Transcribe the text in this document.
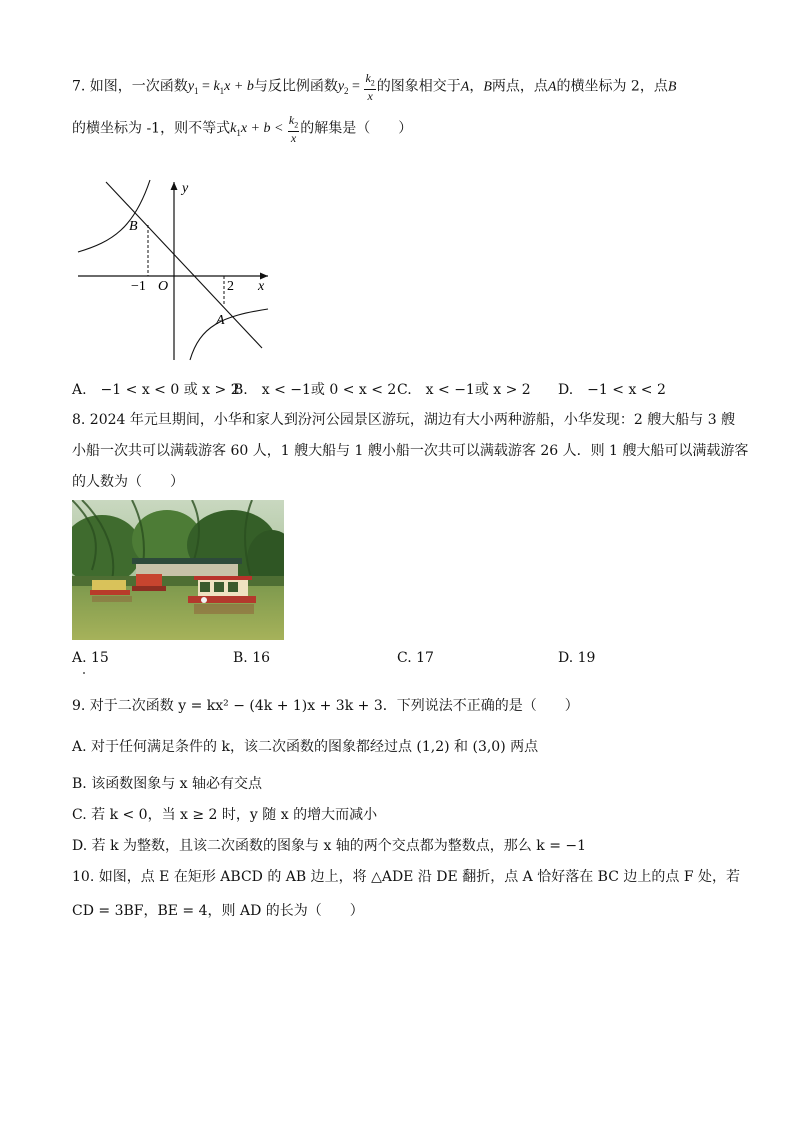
7. 如图，一次函数$y_1 = k_1x + b$与反比例函数$y_2 = \frac{k_2}{x}$ 的图象相交于A，B两点，点A的横坐标为 2，点B
的横坐标为 -1，则不等式$k_1x + b < \frac{k_2}{x}$ 的解集是（　　）
y
x
O
B
A
−1	2
A.　−1 < x < 0 或 x > 2
B.　x < −1或 0 < x < 2 C.　x < −1或 x > 2 D.　−1 < x < 2
8. 2024 年元旦期间，小华和家人到汾河公园景区游玩，湖边有大小两种游船，小华发现：2 艘大船与 3 艘
小船一次共可以满载游客 60 人，1 艘大船与 1 艘小船一次共可以满载游客 26 人．则 1 艘大船可以满载游客
的人数为（　　）
A. 15	B. 16	C. 17	D. 19
9. 对于二次函数 y = kx² − (4k + 1)x + 3k + 3．下列说法不正确的是（　　）
A. 对于任何满足条件的 k，该二次函数的图象都经过点 (1,2) 和 (3,0) 两点
B. 该函数图象与 x 轴必有交点
C. 若 k < 0，当 x ≥ 2 时，y 随 x 的增大而减小
D. 若 k 为整数，且该二次函数的图象与 x 轴的两个交点都为整数点，那么 k = −1
10. 如图，点 E 在矩形 ABCD 的 AB 边上，将 △ADE 沿 DE 翻折，点 A 恰好落在 BC 边上的点 F 处，若
CD = 3BF，BE = 4，则 AD 的长为（　　）
